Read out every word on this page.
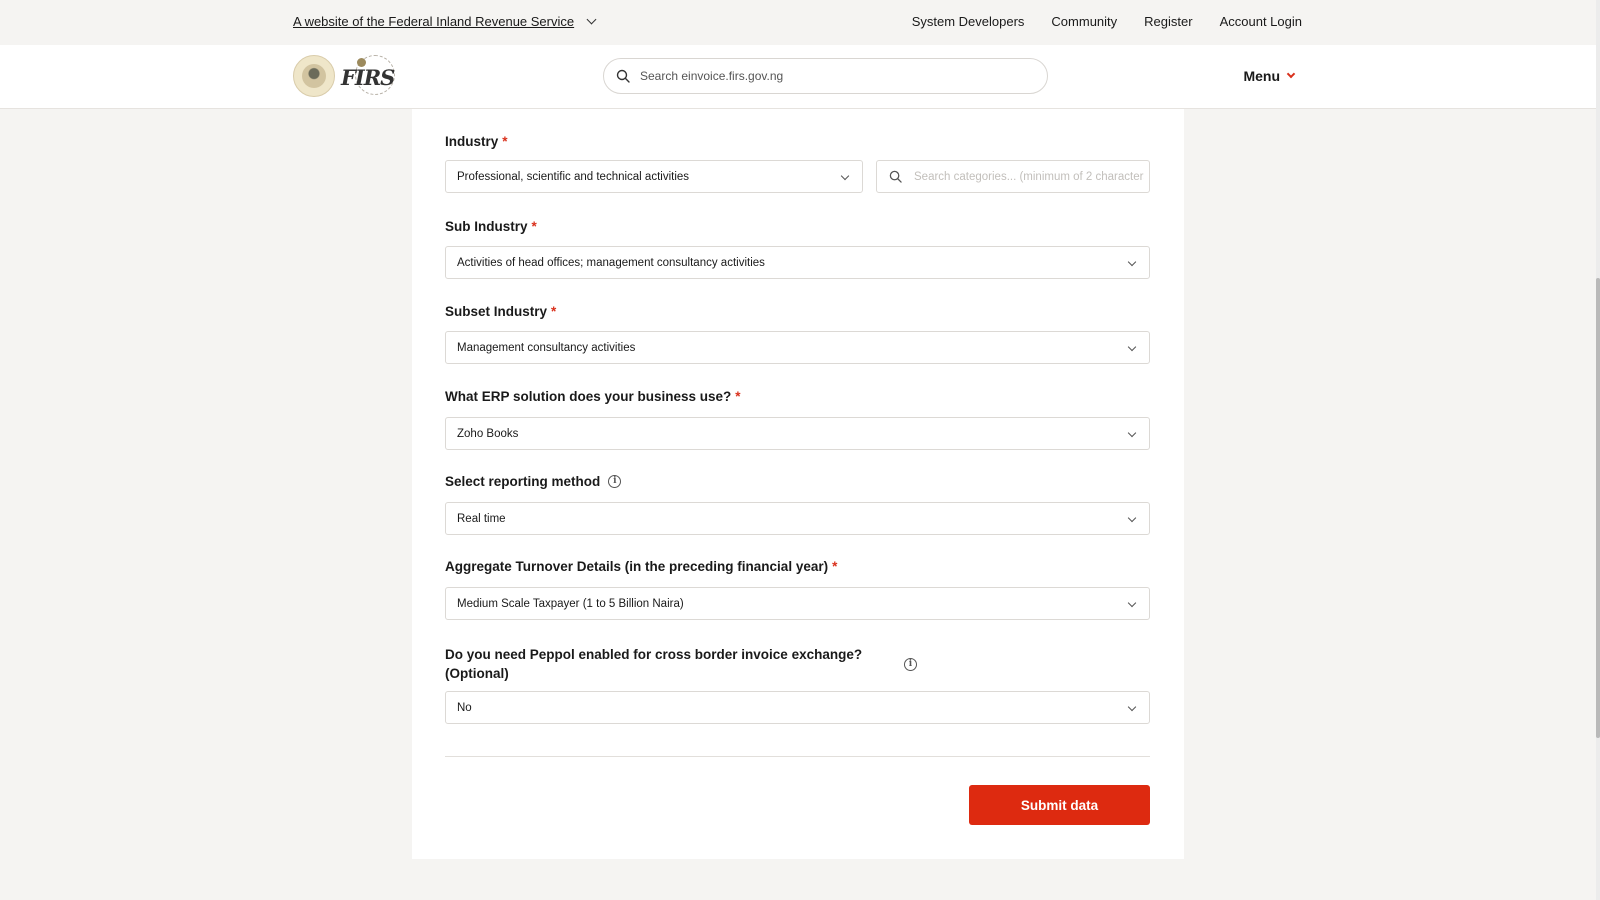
A website of the Federal Inland Revenue Service	System Developers Community Register Account Login
FIRS
Search einvoice.firs.gov.ng	Menu
Industry *
Professional, scientific and technical activities
Search categories... (minimum of 2 characters)
Sub Industry *
Activities of head offices; management consultancy activities
Subset Industry *
Management consultancy activities
What ERP solution does your business use? *
Zoho Books
Select reporting method	i
Real time
Aggregate Turnover Details (in the preceding financial year) *
Medium Scale Taxpayer (1 to 5 Billion Naira)
Do you need Peppol enabled for cross border invoice exchange?
(Optional)
i
No
Submit data
